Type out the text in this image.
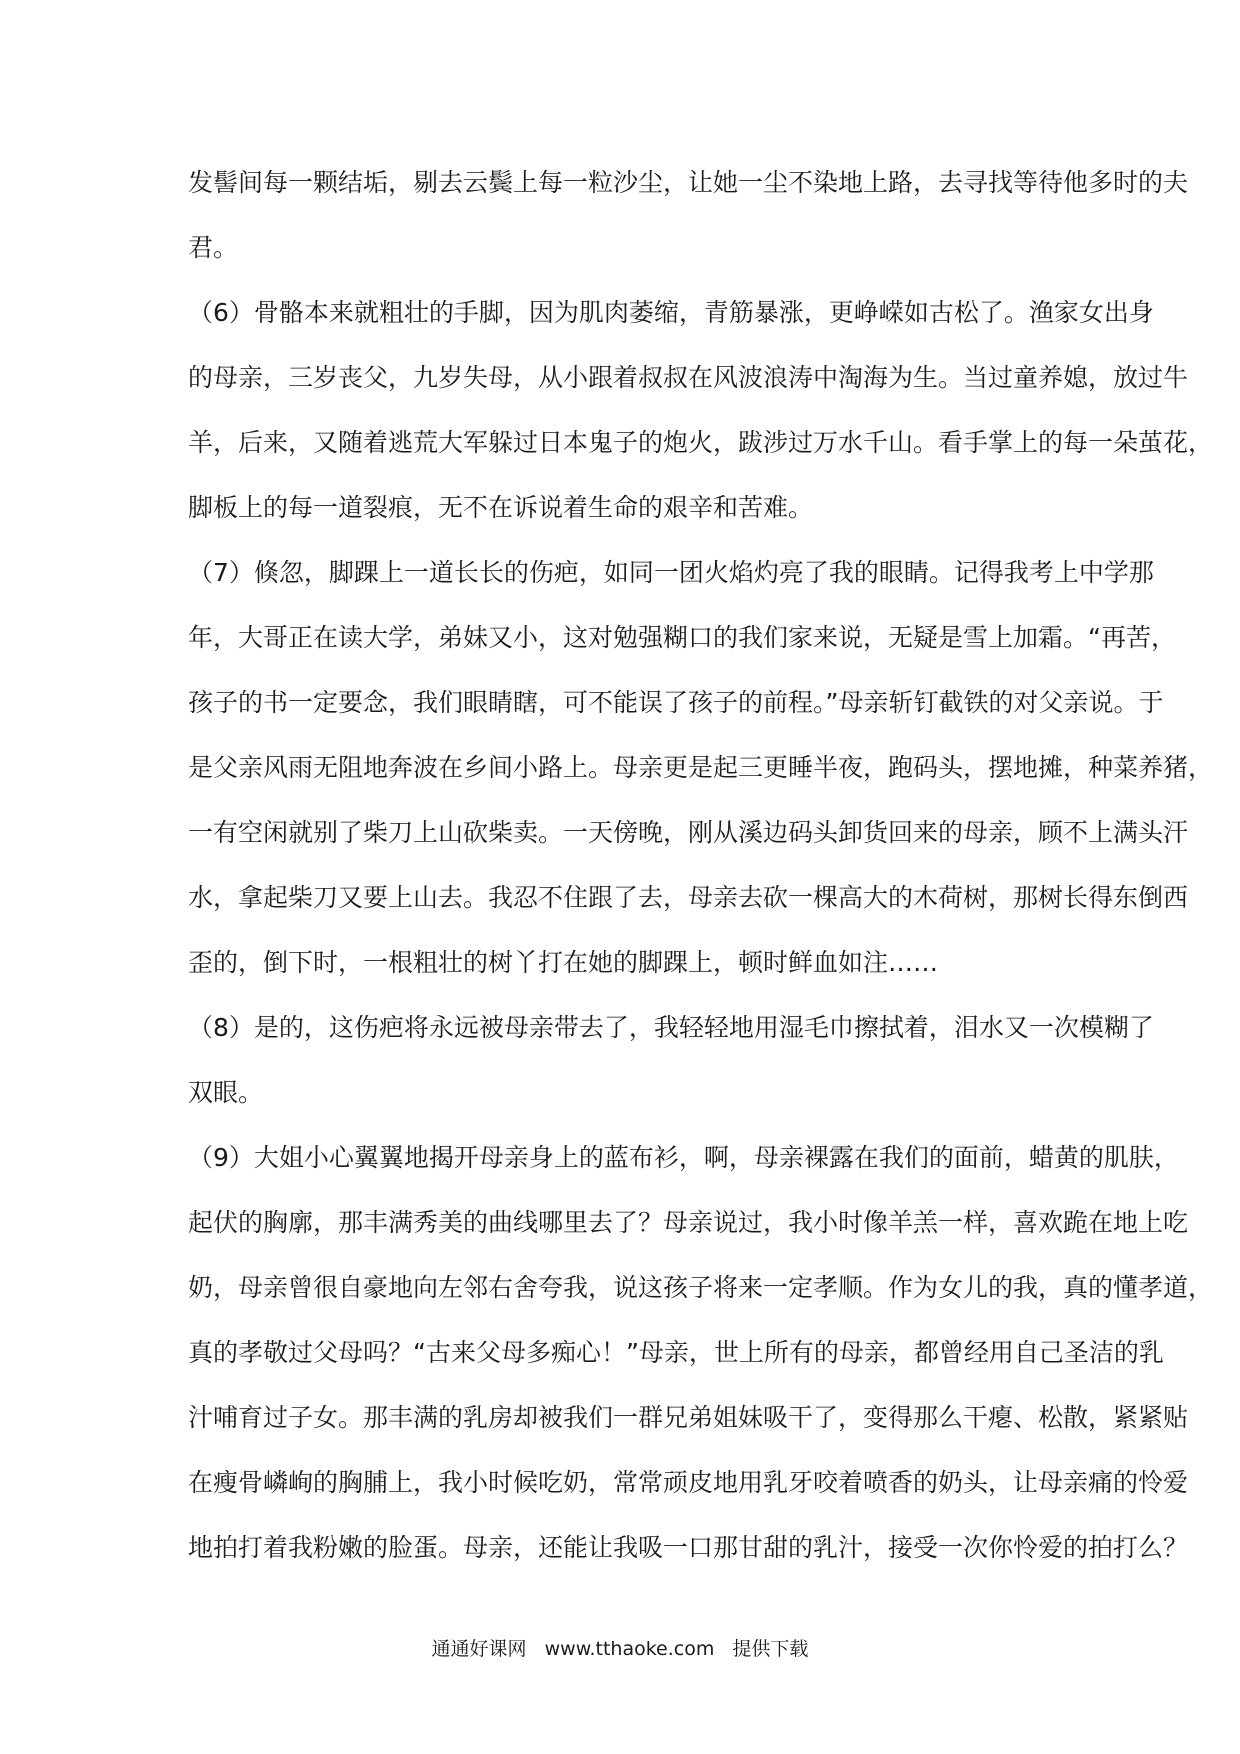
发髻间每一颗结垢，剔去云鬓上每一粒沙尘，让她一尘不染地上路，去寻找等待他多时的夫
君。
（6）骨骼本来就粗壮的手脚，因为肌肉萎缩，青筋暴涨，更峥嵘如古松了。渔家女出身
的母亲，三岁丧父，九岁失母，从小跟着叔叔在风波浪涛中淘海为生。当过童养媳，放过牛
羊，后来，又随着逃荒大军躲过日本鬼子的炮火，跋涉过万水千山。看手掌上的每一朵茧花，
脚板上的每一道裂痕，无不在诉说着生命的艰辛和苦难。
（7）倏忽，脚踝上一道长长的伤疤，如同一团火焰灼亮了我的眼睛。记得我考上中学那
年，大哥正在读大学，弟妹又小，这对勉强糊口的我们家来说，无疑是雪上加霜。“再苦，
孩子的书一定要念，我们眼睛瞎，可不能误了孩子的前程。”母亲斩钉截铁的对父亲说。于
是父亲风雨无阻地奔波在乡间小路上。母亲更是起三更睡半夜，跑码头，摆地摊，种菜养猪，
一有空闲就别了柴刀上山砍柴卖。一天傍晚，刚从溪边码头卸货回来的母亲，顾不上满头汗
水，拿起柴刀又要上山去。我忍不住跟了去，母亲去砍一棵高大的木荷树，那树长得东倒西
歪的，倒下时，一根粗壮的树丫打在她的脚踝上，顿时鲜血如注……
（8）是的，这伤疤将永远被母亲带去了，我轻轻地用湿毛巾擦拭着，泪水又一次模糊了
双眼。
（9）大姐小心翼翼地揭开母亲身上的蓝布衫，啊，母亲裸露在我们的面前，蜡黄的肌肤，
起伏的胸廓，那丰满秀美的曲线哪里去了？母亲说过，我小时像羊羔一样，喜欢跪在地上吃
奶，母亲曾很自豪地向左邻右舍夸我，说这孩子将来一定孝顺。作为女儿的我，真的懂孝道，
真的孝敬过父母吗？“古来父母多痴心！”母亲，世上所有的母亲，都曾经用自己圣洁的乳
汁哺育过子女。那丰满的乳房却被我们一群兄弟姐妹吸干了，变得那么干瘪、松散，紧紧贴
在瘦骨嶙峋的胸脯上，我小时候吃奶，常常顽皮地用乳牙咬着喷香的奶头，让母亲痛的怜爱
地拍打着我粉嫩的脸蛋。母亲，还能让我吸一口那甘甜的乳汁，接受一次你怜爱的拍打么？
通通好课网 www.tthaoke.com 提供下载
